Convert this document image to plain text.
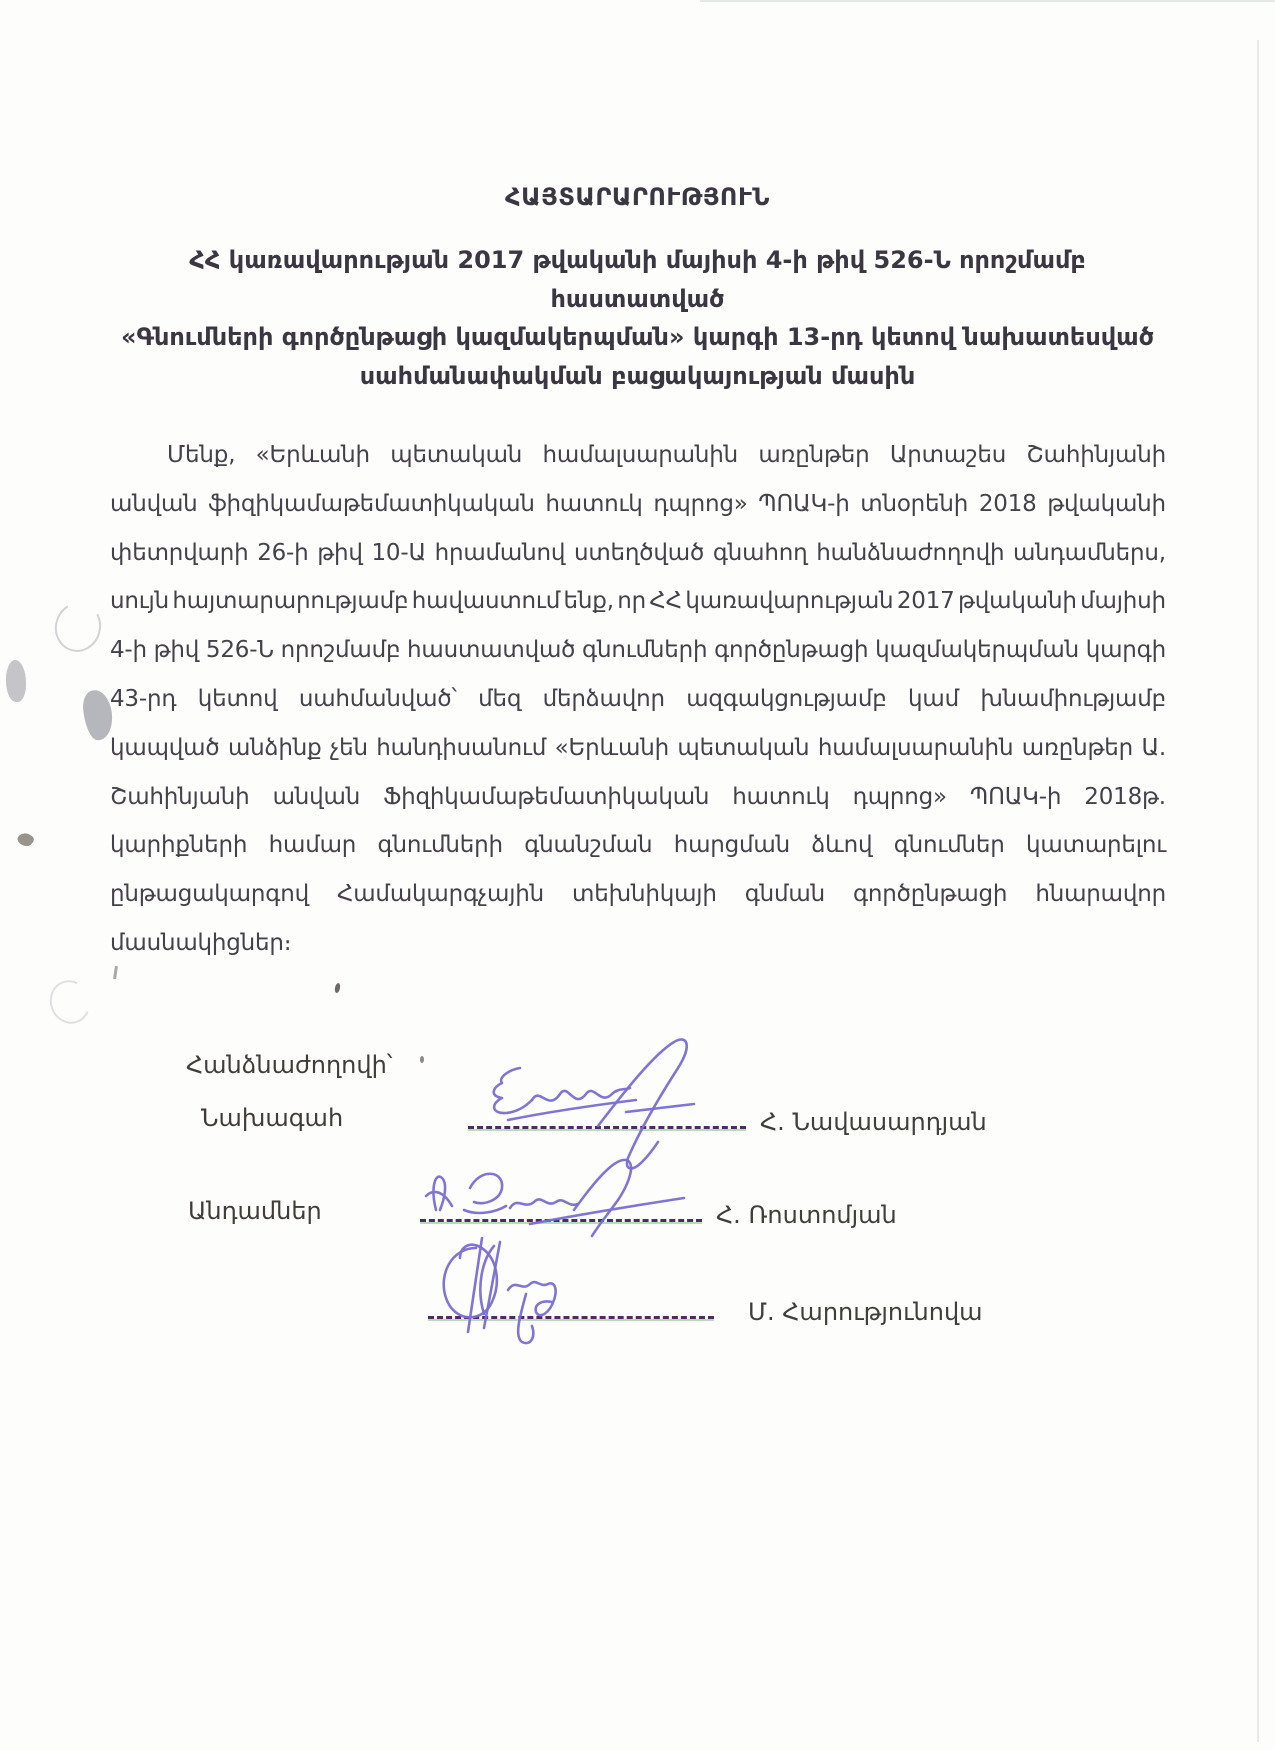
ՀԱՅՏԱՐԱՐՈՒԹՅՈՒՆ
ՀՀ կառավարության 2017 թվականի մայիսի 4-ի թիվ 526-Ն որոշմամբ հաստատված
«Գնումների գործընթացի կազմակերպման» կարգի 13-րդ կետով նախատեսված
սահմանափակման բացակայության մասին
Մենք, «Երևանի պետական համալսարանին առընթեր Արտաշես Շահինյանի
անվան ֆիզիկամաթեմատիկական հատուկ դպրոց» ՊՈԱԿ-ի տնօրենի 2018 թվականի
փետրվարի 26-ի թիվ 10-Ա հրամանով ստեղծված գնահող հանձնաժողովի անդամներս,
սույն հայտարարությամբ հավաստում ենք, որ ՀՀ կառավարության 2017 թվականի մայիսի
4-ի թիվ 526-Ն որոշմամբ հաստատված գնումների գործընթացի կազմակերպման կարգի
43-րդ կետով սահմանված՝ մեզ մերձավոր ազգակցությամբ կամ խնամիությամբ
կապված անձինք չեն հանդիսանում «Երևանի պետական համալսարանին առընթեր Ա.
Շահինյանի անվան Ֆիզիկամաթեմատիկական հատուկ դպրոց» ՊՈԱԿ-ի 2018թ.
կարիքների համար գնումների գնանշման հարցման ձևով գնումներ կատարելու
ընթացակարգով Համակարգչային տեխնիկայի գնման գործընթացի հնարավոր
մասնակիցներ։
Հանձնաժողովի՝
Նախագահ	Հ. Նավասարդյան
Անդամներ	Հ. Ռոստոմյան
Մ. Հարությունովա
